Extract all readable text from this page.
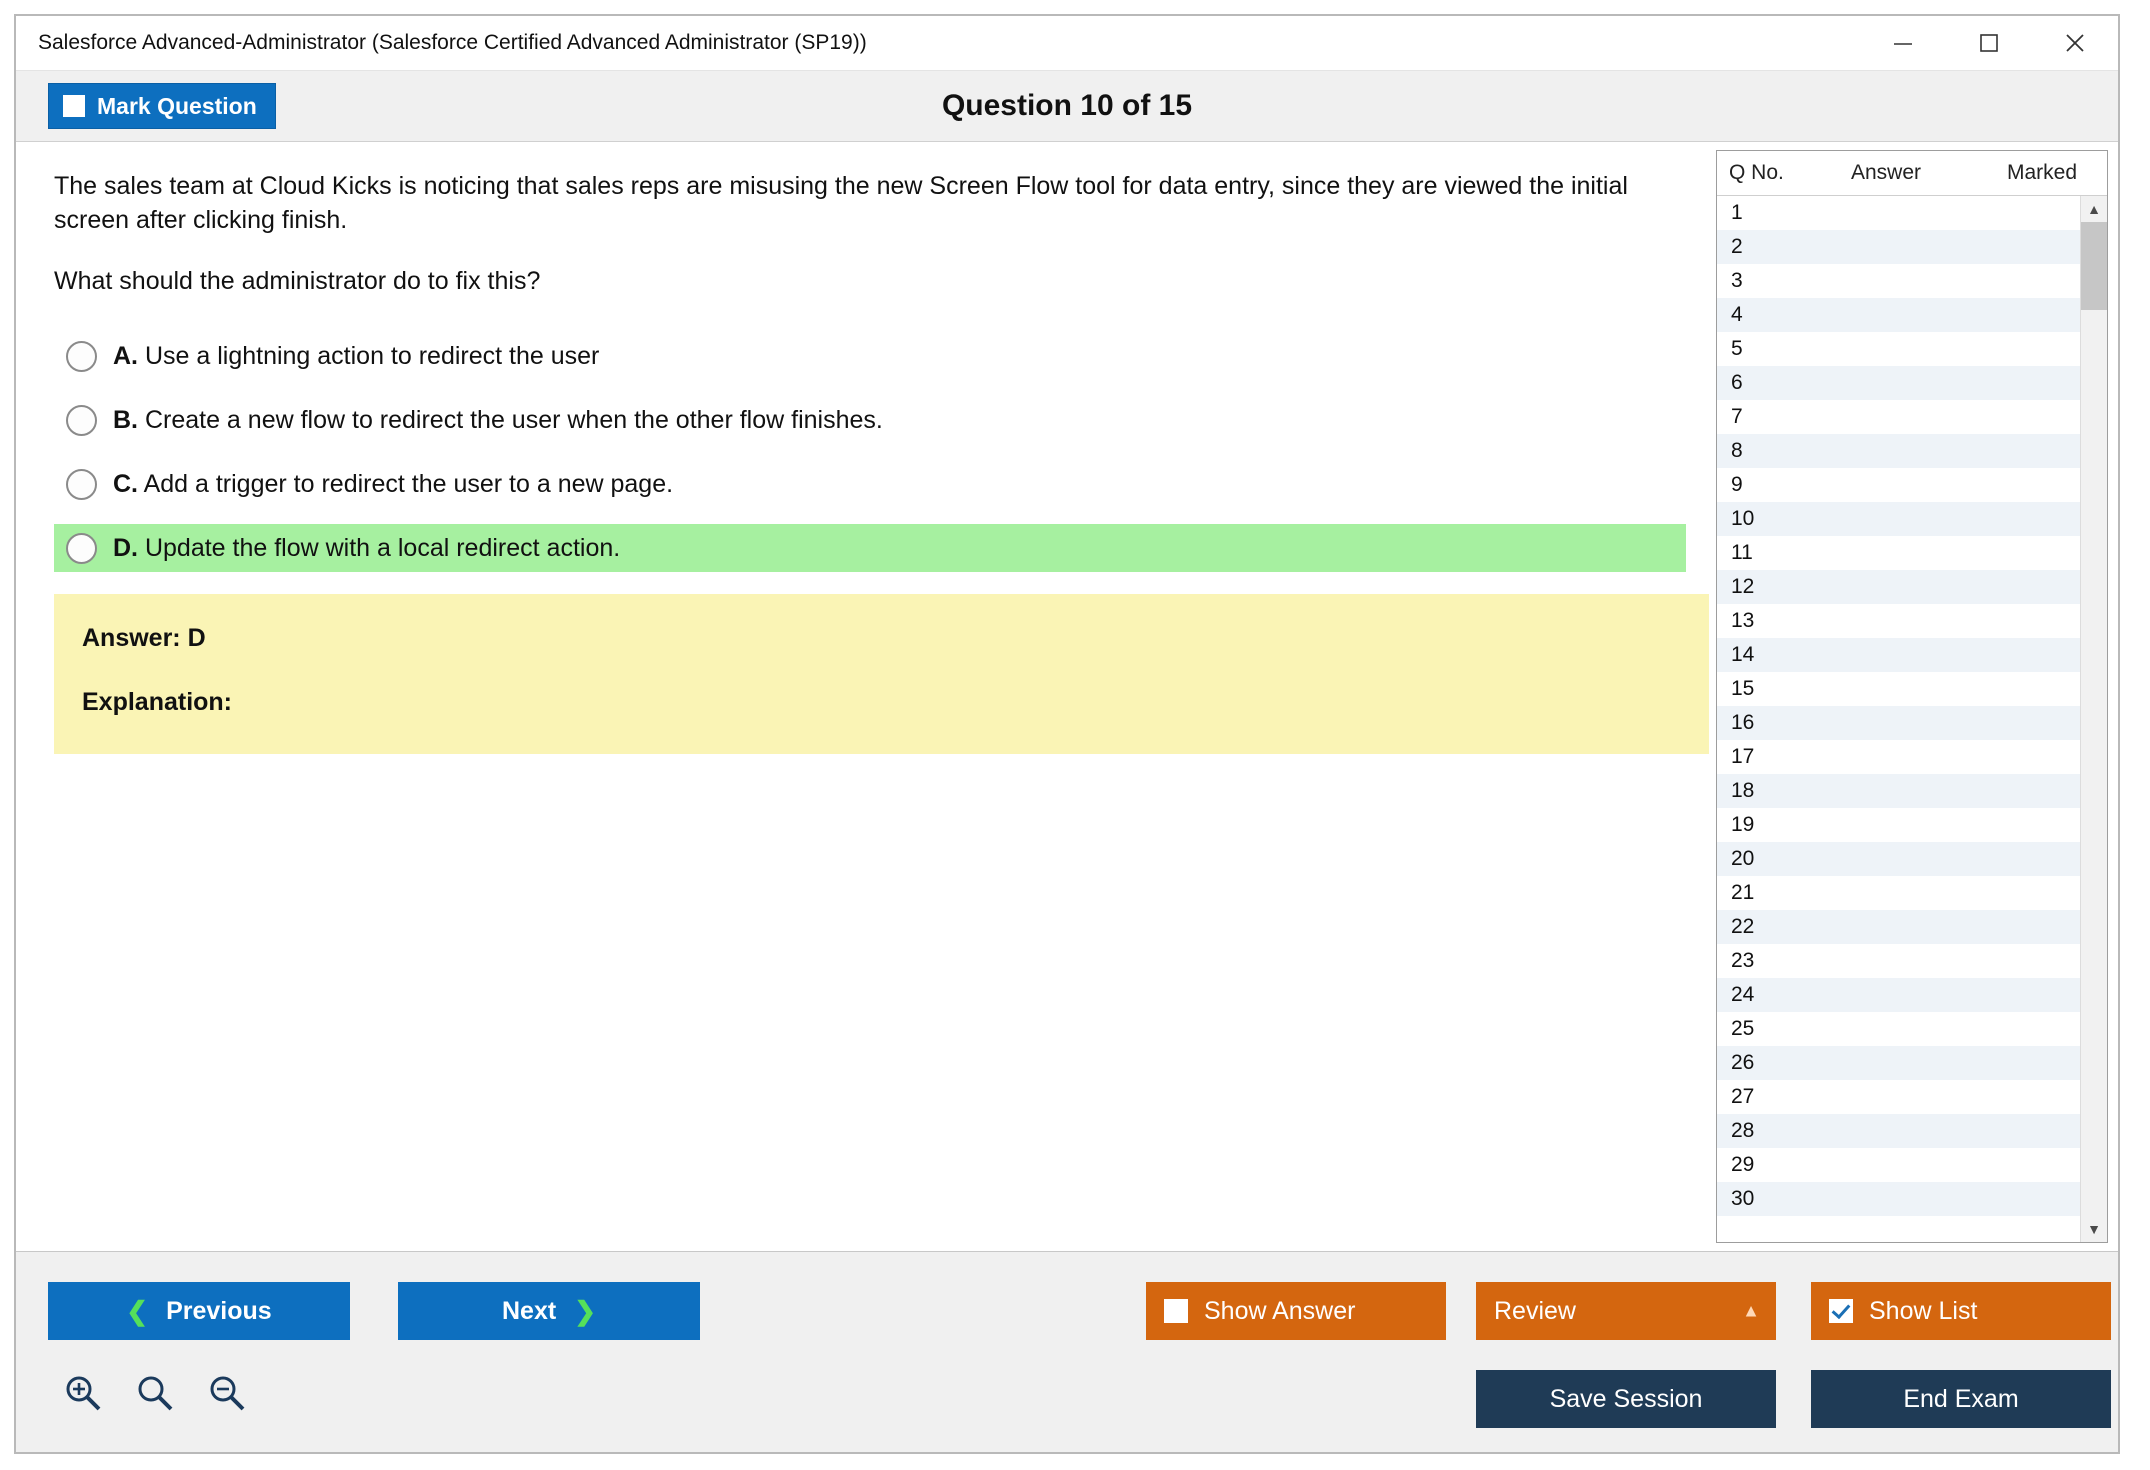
Salesforce Advanced-Administrator (Salesforce Certified Advanced Administrator (SP19))
Mark Question	Question 10 of 15
The sales team at Cloud Kicks is noticing that sales reps are misusing the new Screen Flow tool for data entry, since they are viewed the initial screen after clicking finish.
What should the administrator do to fix this?
A. Use a lightning action to redirect the user
B. Create a new flow to redirect the user when the other flow finishes.
C. Add a trigger to redirect the user to a new page.
D. Update the flow with a local redirect action.
Answer: D
Explanation:
Q No.	Answer	Marked
1
2
3
4
5
6
7
8
9
10
11
12
13
14
15
16
17
18
19
20
21
22
23
24
25
26
27
28
29
30
▲
▼
❮ Previous	Next ❯	Show Answer	Review	▲	Show List
Save Session	End Exam
